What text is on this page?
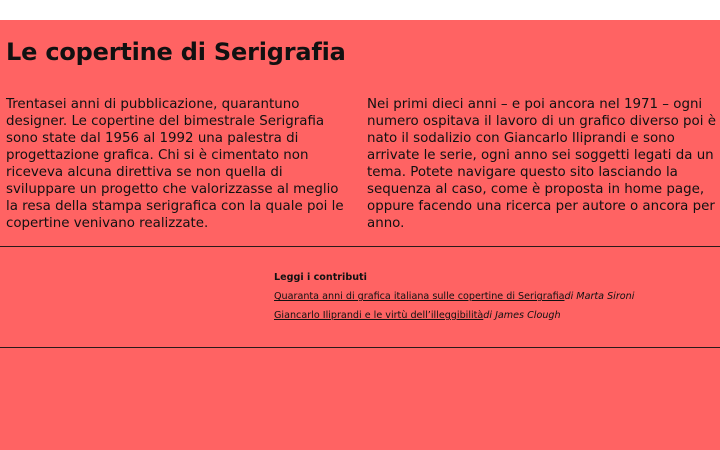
Le copertine di Serigrafia

Trentasei anni di pubblicazione, quarantuno designer. Le copertine del bimestrale Serigrafia sono state dal 1956 al 1992 una palestra di progettazione grafica. Chi si è cimentato non riceveva alcuna direttiva se non quella di sviluppare un progetto che valorizzasse al meglio la resa della stampa serigrafica con la quale poi le copertine venivano realizzate.

Nei primi dieci anni – e poi ancora nel 1971 – ogni numero ospitava il lavoro di un grafico diverso poi è nato il sodalizio con Giancarlo Iliprandi e sono arrivate le serie, ogni anno sei soggetti legati da un tema. Potete navigare questo sito lasciando la sequenza al caso, come è proposta in home page, oppure facendo una ricerca per autore o ancora per anno.

Leggi i contributi
Quaranta anni di grafica italiana sulle copertine di Serigrafiadi Marta Sironi
Giancarlo Iliprandi e le virtù dell’illeggibilitàdi James Clough
